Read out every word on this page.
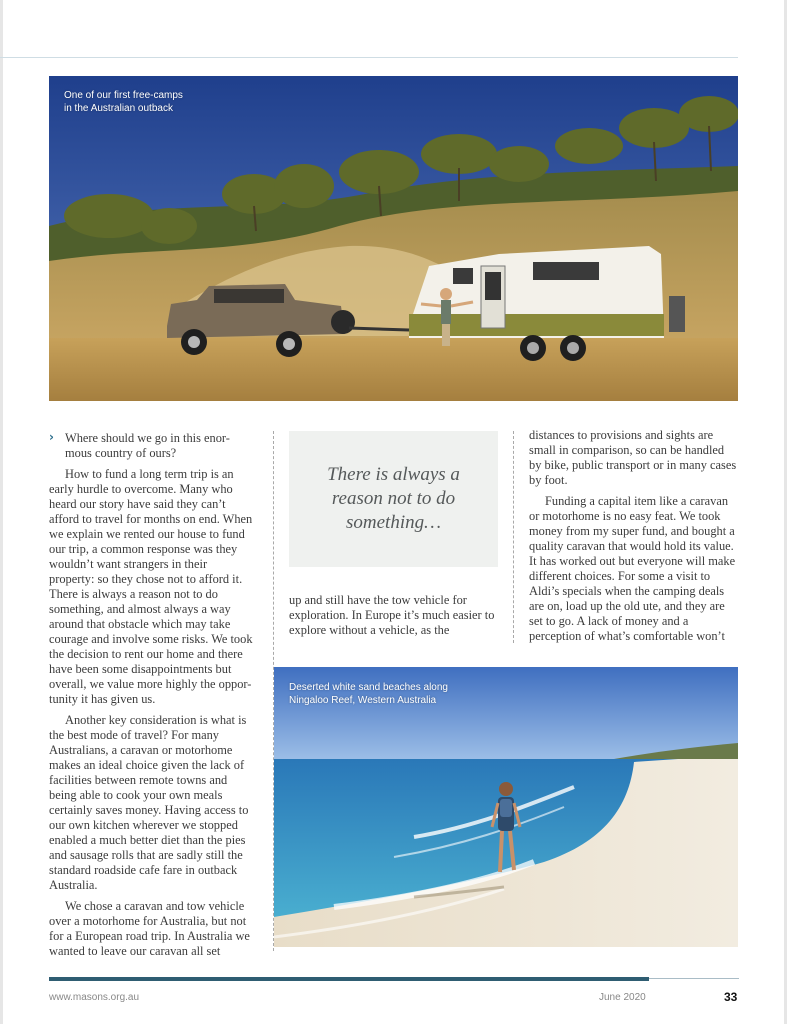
One of our first free-camps
in the Australian outback

› Where should we go in this enor-mous country of ours?

How to fund a long term trip is an early hurdle to overcome. Many who heard our story have said they can’t afford to travel for months on end. When we explain we rented our house to fund our trip, a common response was they wouldn’t want strangers in their property: so they chose not to afford it. There is always a reason not to do something, and almost always a way around that obstacle which may take courage and involve some risks. We took the decision to rent our home and there have been some disappointments but overall, we value more highly the oppor-tunity it has given us.

Another key consideration is what is the best mode of travel? For many Australians, a caravan or motorhome makes an ideal choice given the lack of facilities between remote towns and being able to cook your own meals certainly saves money. Having access to our own kitchen wherever we stopped enabled a much better diet than the pies and sausage rolls that are sadly still the standard roadside cafe fare in outback Australia.

We chose a caravan and tow vehicle over a motorhome for Australia, but not for a European road trip. In Australia we wanted to leave our caravan all set

There is always a reason not to do something…

up and still have the tow vehicle for exploration. In Europe it’s much easier to explore without a vehicle, as the

distances to provisions and sights are small in comparison, so can be handled by bike, public transport or in many cases by foot.

Funding a capital item like a caravan or motorhome is no easy feat. We took money from my super fund, and bought a quality caravan that would hold its value. It has worked out but everyone will make different choices. For some a visit to Aldi’s specials when the camping deals are on, load up the old ute, and they are set to go. A lack of money and a perception of what’s comfortable won’t

Deserted white sand beaches along
Ningaloo Reef, Western Australia
www.masons.org.au	June 2020	33
